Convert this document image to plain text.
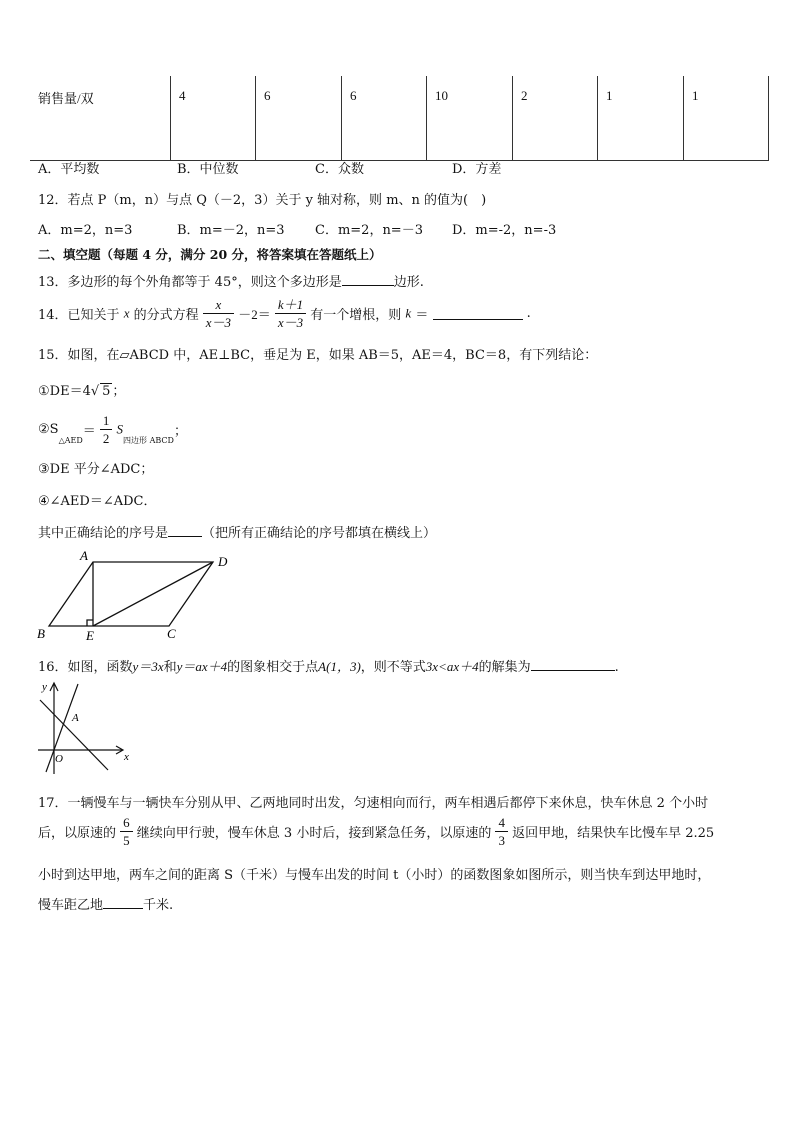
销售量/双	4	6	6	10	2	1	1
A．平均数	B．中位数	C．众数	D．方差
12．若点 P（m，n）与点 Q（－2，3）关于 y 轴对称，则 m、n 的值为(　)
A．m=2，n=3	B．m=－2，n=3 C．m=2，n=－3 D．m=-2，n=-3
二、填空题（每题 4 分，满分 20 分，将答案填在答题纸上）
13．多边形的每个外角都等于 45°，则这个多边形是	边形.
14．已知关于 x 的分式方程 $\frac{x}{x-3} -2= \frac{k+1}{x-3}$ 有一个增根，则 k ＝	.
15．如图，在▱ABCD 中，AE⊥BC，垂足为 E，如果 AB＝5，AE＝4，BC＝8，有下列结论：
①DE＝4√ 5 ；
$②S_{\triangle AED}= \frac{1}{2} S_{四边形 ABCD}$；
③DE 平分∠ADC；
④∠AED＝∠ADC．
其中正确结论的序号是	（把所有正确结论的序号都填在横线上）
A	D
B	E	C
16．如图，函数y＝3x和y＝ax＋4的图象相交于点A(1，3)，则不等式3x<ax＋4的解集为	.
y
x
O
A
17．一辆慢车与一辆快车分别从甲、乙两地同时出发，匀速相向而行，两车相遇后都停下来休息，快车休息 2 个小时
后，以原速的 $\frac{6}{5}$ 继续向甲行驶，慢车休息 3 小时后，接到紧急任务，以原速的 $\frac{4}{3}$ 返回甲地，结果快车比慢车早 2.25
小时到达甲地，两车之间的距离 S（千米）与慢车出发的时间 t（小时）的函数图象如图所示，则当快车到达甲地时，
慢车距乙地	千米.
